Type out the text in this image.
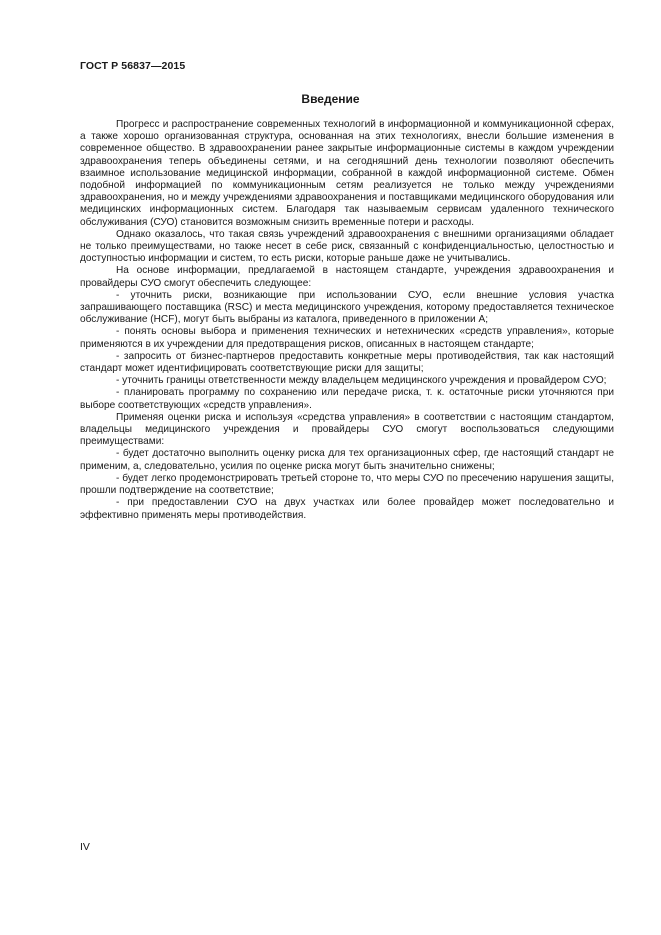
ГОСТ Р 56837—2015
Введение

Прогресс и распространение современных технологий в информационной и коммуникационной сферах, а также хорошо организованная структура, основанная на этих технологиях, внесли большие изменения в современное общество. В здравоохранении ранее закрытые информационные системы в каждом учреждении здравоохранения теперь объединены сетями, и на сегодняшний день технологии позволяют обеспечить взаимное использование медицинской информации, собранной в каждой информационной системе. Обмен подобной информацией по коммуникационным сетям реализуется не только между учреждениями здравоохранения, но и между учреждениями здравоохранения и поставщиками медицинского оборудования или медицинских информационных систем. Благодаря так называемым сервисам удаленного технического обслуживания (СУО) становится возможным снизить временные потери и расходы.

Однако оказалось, что такая связь учреждений здравоохранения с внешними организациями обладает не только преимуществами, но также несет в себе риск, связанный с конфиденциальностью, целостностью и доступностью информации и систем, то есть риски, которые раньше даже не учитывались.

На основе информации, предлагаемой в настоящем стандарте, учреждения здравоохранения и провайдеры СУО смогут обеспечить следующее:

- уточнить риски, возникающие при использовании СУО, если внешние условия участка запрашивающего поставщика (RSC) и места медицинского учреждения, которому предоставляется техническое обслуживание (HCF), могут быть выбраны из каталога, приведенного в приложении А;

- понять основы выбора и применения технических и нетехнических «средств управления», которые применяются в их учреждении для предотвращения рисков, описанных в настоящем стандарте;

- запросить от бизнес-партнеров предоставить конкретные меры противодействия, так как настоящий стандарт может идентифицировать соответствующие риски для защиты;

- уточнить границы ответственности между владельцем медицинского учреждения и провайдером СУО;

- планировать программу по сохранению или передаче риска, т. к. остаточные риски уточняются при выборе соответствующих «средств управления».

Применяя оценки риска и используя «средства управления» в соответствии с настоящим стандартом, владельцы медицинского учреждения и провайдеры СУО смогут воспользоваться следующими преимуществами:

- будет достаточно выполнить оценку риска для тех организационных сфер, где настоящий стандарт не применим, а, следовательно, усилия по оценке риска могут быть значительно снижены;

- будет легко продемонстрировать третьей стороне то, что меры СУО по пресечению нарушения защиты, прошли подтверждение на соответствие;

- при предоставлении СУО на двух участках или более провайдер может последовательно и эффективно применять меры противодействия.

IV
